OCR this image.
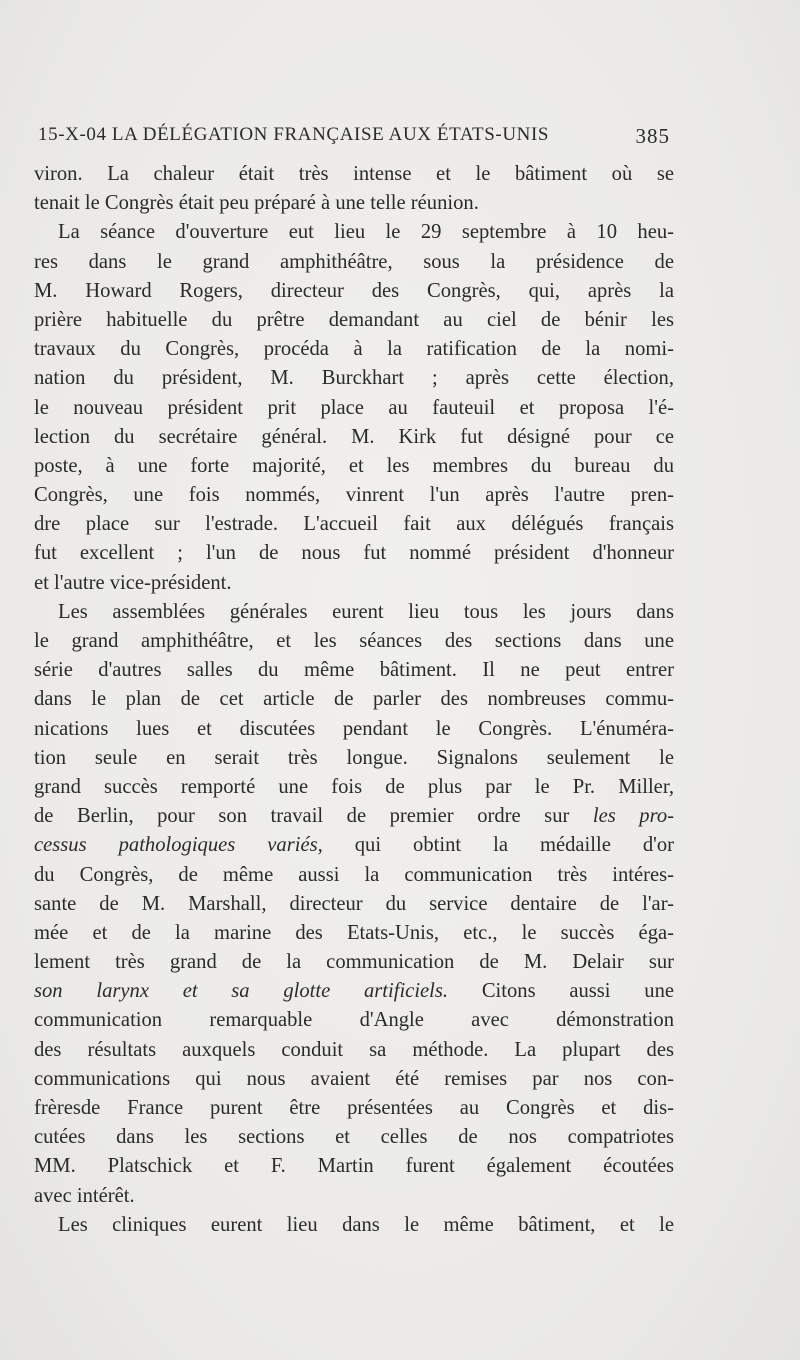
15-X-04 LA DÉLÉGATION FRANÇAISE AUX ÉTATS-UNIS	385
viron. La chaleur était très intense et le bâtiment où se
tenait le Congrès était peu préparé à une telle réunion.
La séance d'ouverture eut lieu le 29 septembre à 10 heu-
res dans le grand amphithéâtre, sous la présidence de
M. Howard Rogers, directeur des Congrès, qui, après la
prière habituelle du prêtre demandant au ciel de bénir les
travaux du Congrès, procéda à la ratification de la nomi-
nation du président, M. Burckhart ; après cette élection,
le nouveau président prit place au fauteuil et proposa l'é-
lection du secrétaire général. M. Kirk fut désigné pour ce
poste, à une forte majorité, et les membres du bureau du
Congrès, une fois nommés, vinrent l'un après l'autre pren-
dre place sur l'estrade. L'accueil fait aux délégués français
fut excellent ; l'un de nous fut nommé président d'honneur
et l'autre vice-président.
Les assemblées générales eurent lieu tous les jours dans
le grand amphithéâtre, et les séances des sections dans une
série d'autres salles du même bâtiment. Il ne peut entrer
dans le plan de cet article de parler des nombreuses commu-
nications lues et discutées pendant le Congrès. L'énuméra-
tion seule en serait très longue. Signalons seulement le
grand succès remporté une fois de plus par le Pr. Miller,
de Berlin, pour son travail de premier ordre sur les pro-
cessus pathologiques variés, qui obtint la médaille d'or
du Congrès, de même aussi la communication très intéres-
sante de M. Marshall, directeur du service dentaire de l'ar-
mée et de la marine des Etats-Unis, etc., le succès éga-
lement très grand de la communication de M. Delair sur
son larynx et sa glotte artificiels. Citons aussi une
communication remarquable d'Angle avec démonstration
des résultats auxquels conduit sa méthode. La plupart des
communications qui nous avaient été remises par nos con-
frèresde France purent être présentées au Congrès et dis-
cutées dans les sections et celles de nos compatriotes
MM. Platschick et F. Martin furent également écoutées
avec intérêt.
Les cliniques eurent lieu dans le même bâtiment, et le
